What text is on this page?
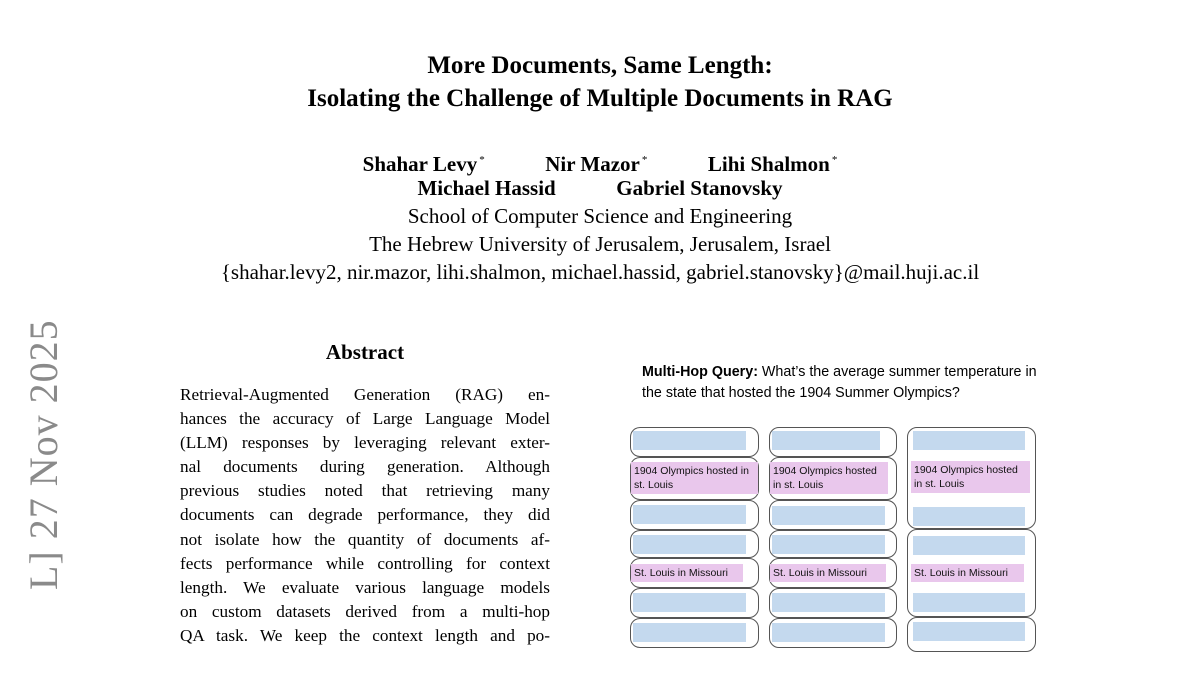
More Documents, Same Length:
Isolating the Challenge of Multiple Documents in RAG
Shahar Levy *	Nir Mazor *	Lihi Shalmon *
Michael Hassid	Gabriel Stanovsky
School of Computer Science and Engineering
The Hebrew University of Jerusalem, Jerusalem, Israel
{shahar.levy2, nir.mazor, lihi.shalmon, michael.hassid, gabriel.stanovsky}@mail.huji.ac.il
L] 27 Nov 2025	Abstract
Retrieval-Augmented Generation (RAG) en-
hances the accuracy of Large Language Model
(LLM) responses by leveraging relevant exter-
nal documents during generation. Although
previous studies noted that retrieving many
documents can degrade performance, they did
not isolate how the quantity of documents af-
fects performance while controlling for context
length. We evaluate various language models
on custom datasets derived from a multi-hop
QA task. We keep the context length and po-
Multi-Hop Query: What’s the average summer temperature in the state that hosted the 1904 Summer Olympics?
1904 Olympics hosted in st. Louis
St. Louis in Missouri
1904 Olympics hosted in st. Louis
St. Louis in Missouri
1904 Olympics hosted in st. Louis
St. Louis in Missouri
